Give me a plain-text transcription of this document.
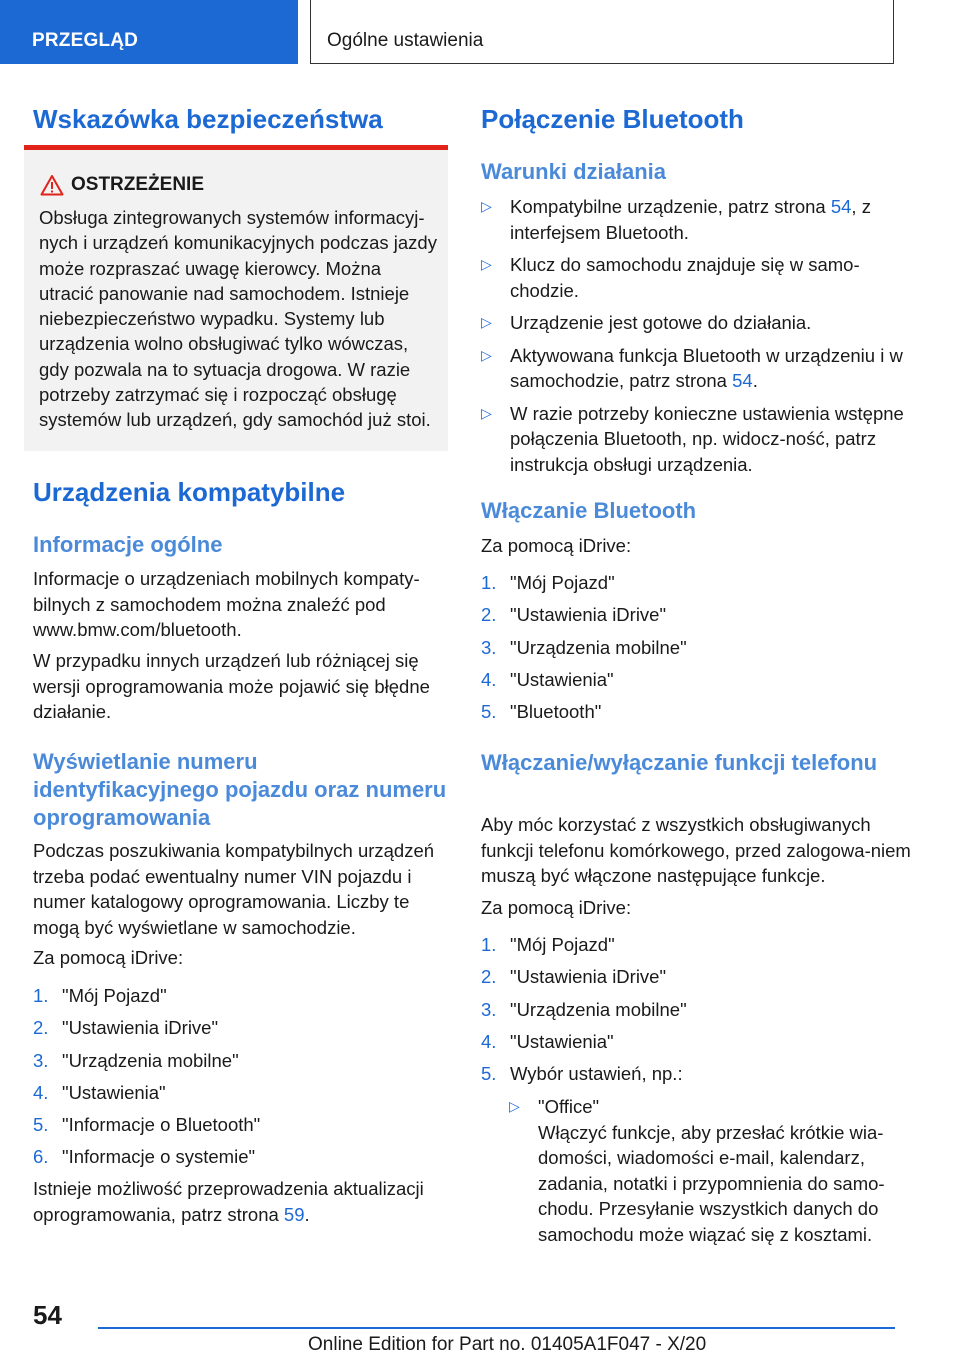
PRZEGLĄD	Ogólne ustawienia
Wskazówka bezpieczeństwa
OSTRZEŻENIE
Obsługa zintegrowanych systemów informacyj-nych i urządzeń komunikacyjnych podczas jazdy może rozpraszać uwagę kierowcy. Można utracić panowanie nad samochodem. Istnieje niebezpieczeństwo wypadku. Systemy lub urządzenia wolno obsługiwać tylko wówczas, gdy pozwala na to sytuacja drogowa. W razie potrzeby zatrzymać się i rozpocząć obsługę systemów lub urządzeń, gdy samochód już stoi.
Urządzenia kompatybilne
Informacje ogólne

Informacje o urządzeniach mobilnych kompaty-bilnych z samochodem można znaleźć pod www.bmw.com/bluetooth.

W przypadku innych urządzeń lub różniącej się wersji oprogramowania może pojawić się błędne działanie.

Wyświetlanie numeru identyfikacyjnego pojazdu oraz numeru oprogramowania

Podczas poszukiwania kompatybilnych urządzeń trzeba podać ewentualny numer VIN pojazdu i numer katalogowy oprogramowania. Liczby te mogą być wyświetlane w samochodzie.

Za pomocą iDrive:

1. "Mój Pojazd"
2. "Ustawienia iDrive"
3. "Urządzenia mobilne"
4. "Ustawienia"
5. "Informacje o Bluetooth"
6. "Informacje o systemie"

Istnieje możliwość przeprowadzenia aktualizacji oprogramowania, patrz strona 59.

Połączenie Bluetooth
Warunki działania
▷ Kompatybilne urządzenie, patrz strona 54, z interfejsem Bluetooth.
▷ Klucz do samochodu znajduje się w samo-chodzie.
▷ Urządzenie jest gotowe do działania.
▷ Aktywowana funkcja Bluetooth w urządzeniu i w samochodzie, patrz strona 54.
▷ W razie potrzeby konieczne ustawienia wstępne połączenia Bluetooth, np. widocz-ność, patrz instrukcja obsługi urządzenia.
Włączanie Bluetooth

Za pomocą iDrive:

1. "Mój Pojazd"
2. "Ustawienia iDrive"
3. "Urządzenia mobilne"
4. "Ustawienia"
5. "Bluetooth"
Włączanie/wyłączanie funkcji telefonu

Aby móc korzystać z wszystkich obsługiwanych funkcji telefonu komórkowego, przed zalogowa-niem muszą być włączone następujące funkcje.

Za pomocą iDrive:

1. "Mój Pojazd"
2. "Ustawienia iDrive"
3. "Urządzenia mobilne"
4. "Ustawienia"
5. Wybór ustawień, np.:
▷ "Office"
Włączyć funkcje, aby przesłać krótkie wia-domości, wiadomości e-mail, kalendarz, zadania, notatki i przypomnienia do samo-chodu. Przesyłanie wszystkich danych do samochodu może wiązać się z kosztami.
54
Online Edition for Part no. 01405A1F047 - X/20
